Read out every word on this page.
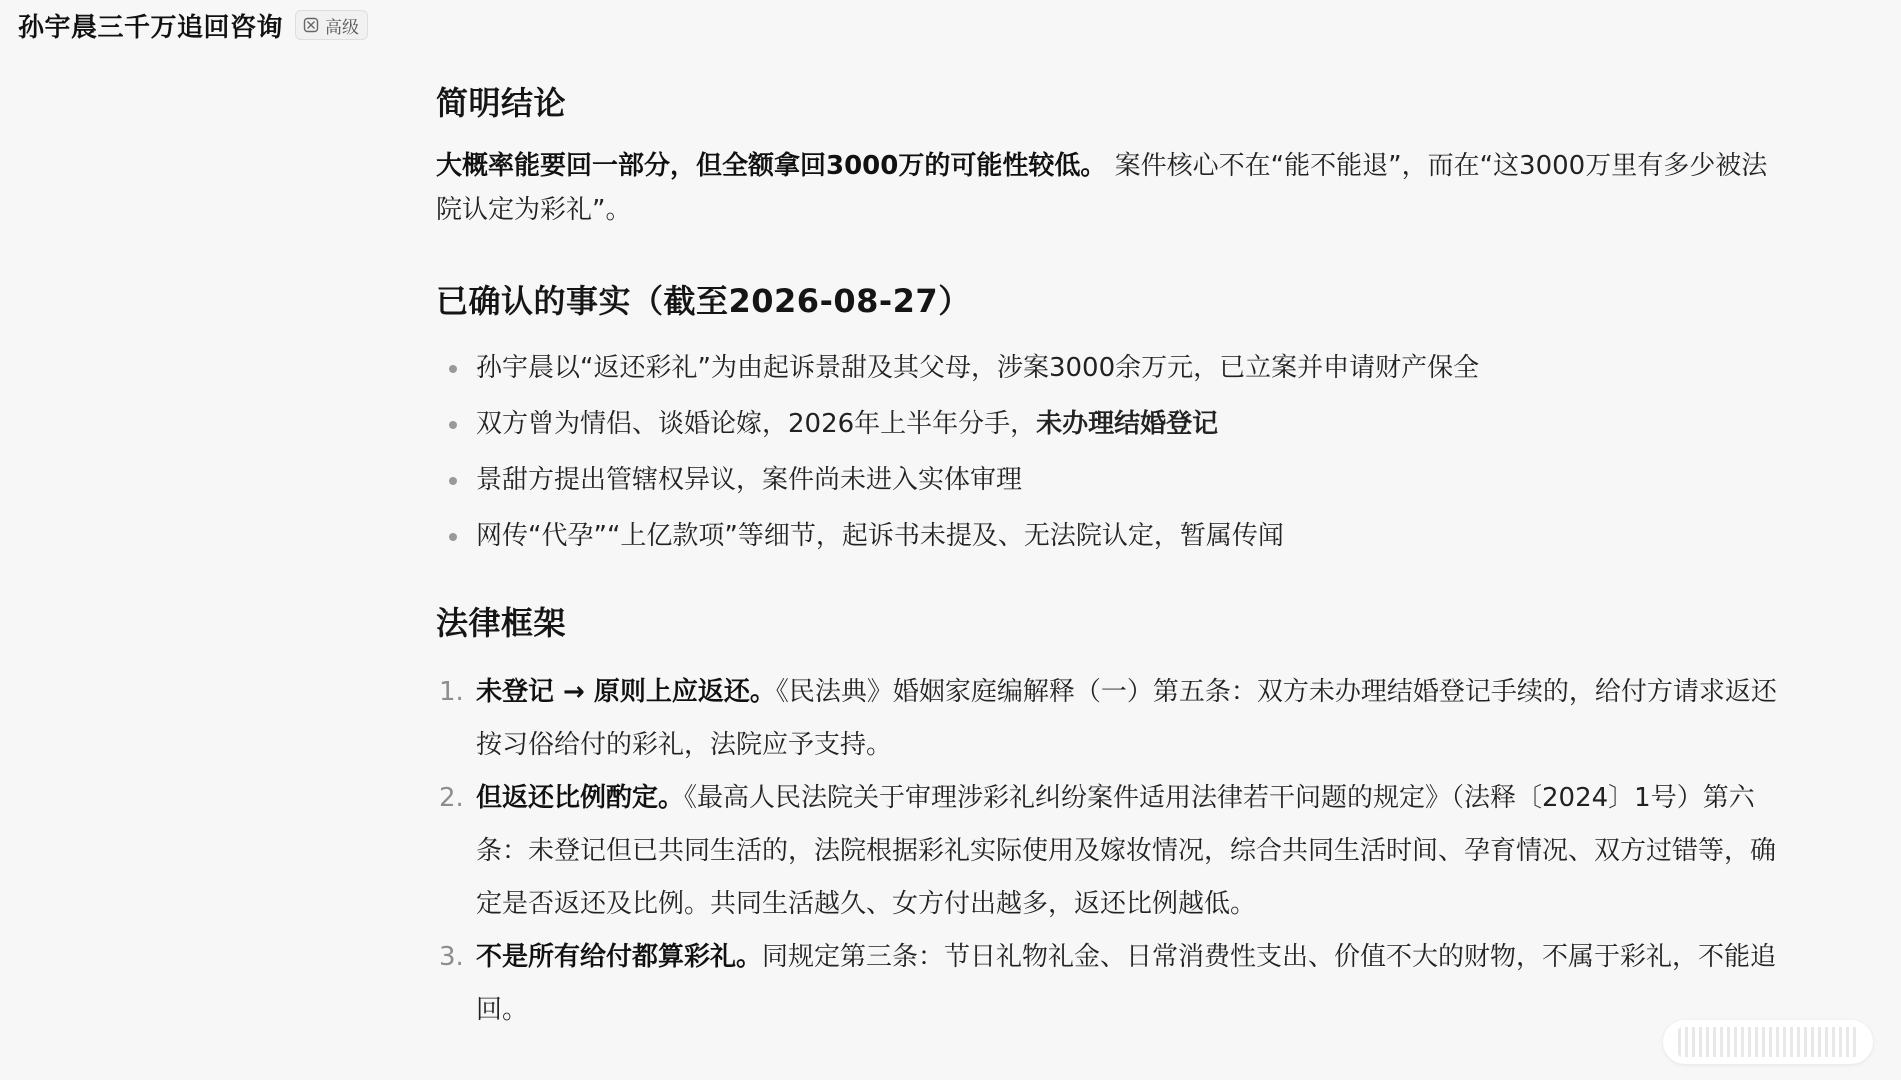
孙宇晨三千万追回咨询 高级
简明结论

大概率能要回一部分，但全额拿回3000万的可能性较低。 案件核心不在“能不能退”，而在“这3000万里有多少被法院认定为彩礼”。

已确认的事实（截至2026-08-27）
孙宇晨以“返还彩礼”为由起诉景甜及其父母，涉案3000余万元，已立案并申请财产保全
双方曾为情侣、谈婚论嫁，2026年上半年分手，未办理结婚登记
景甜方提出管辖权异议，案件尚未进入实体审理
网传“代孕”“上亿款项”等细节，起诉书未提及、无法院认定，暂属传闻
法律框架
1. 未登记 → 原则上应返还。《民法典》婚姻家庭编解释（一）第五条：双方未办理结婚登记手续的，给付方请求返还按习俗给付的彩礼，法院应予支持。
2. 但返还比例酌定。《最高人民法院关于审理涉彩礼纠纷案件适用法律若干问题的规定》（法释〔2024〕1号）第六条：未登记但已共同生活的，法院根据彩礼实际使用及嫁妆情况，综合共同生活时间、孕育情况、双方过错等，确定是否返还及比例。共同生活越久、女方付出越多，返还比例越低。
3. 不是所有给付都算彩礼。同规定第三条：节日礼物礼金、日常消费性支出、价值不大的财物，不属于彩礼，不能追回。
